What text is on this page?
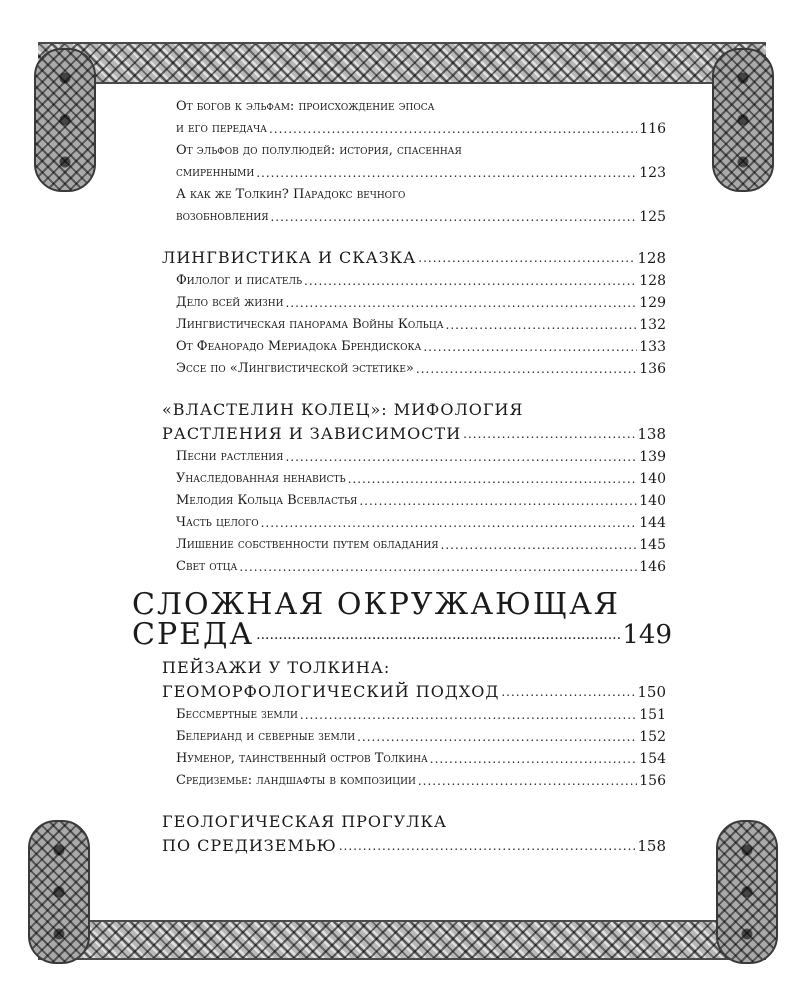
От богов к эльфам: происхождение эпоса
и его передача .....	116
От эльфов до полулюдей: история, спасенная
смиренными .....	123
А как же Толкин? Парадокс вечного
возобновления .....	125
ЛИНГВИСТИКА И СКАЗКА .....	128
Филолог и писатель .....	128
Дело всей жизни .....	129
Лингвистическая панорама Войны Кольца .....	132
От Феанорадо Мериадока Брендискока .....	133
Эссе по «Лингвистической эстетике» .....	136
«ВЛАСТЕЛИН КОЛЕЦ»: МИФОЛОГИЯ
РАСТЛЕНИЯ И ЗАВИСИМОСТИ .....	138
Песни растления .....	139
Унаследованная ненависть .....	140
Мелодия Кольца Всевластья .....	140
Часть целого .....	144
Лишение собственности путем обладания .....	145
Свет отца .....	146
СЛОЖНАЯ ОКРУЖАЮЩАЯ
СРЕДА .....	149
ПЕЙЗАЖИ У ТОЛКИНА:
ГЕОМОРФОЛОГИЧЕСКИЙ ПОДХОД .....	150
Бессмертные земли .....	151
Белерианд и северные земли .....	152
Нуменор, таинственный остров Толкина .....	154
Средиземье: ландшафты в композиции .....	156
ГЕОЛОГИЧЕСКАЯ ПРОГУЛКА
ПО СРЕДИЗЕМЬЮ .....	158
